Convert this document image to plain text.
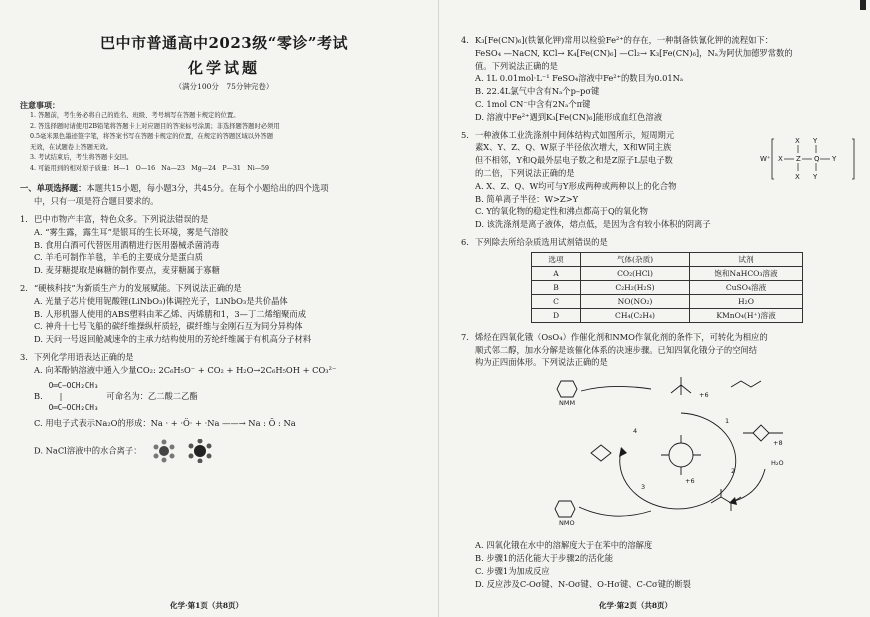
巴中市普通高中2023级“零诊”考试
化学试题
（满分100分　75分钟完卷）
注意事项：
1. 答题前，考生务必将自己的姓名、班级、考号填写在答题卡规定的位置。
2. 答选择题时请使用2B铅笔将答题卡上对应题目的答案标号涂黑；非选择题答题时必须用
0.5毫米黑色墨迹签字笔，将答案书写在答题卡规定的位置，在规定的答题区域以外答题
无效，在试题卷上答题无效。
3. 考试结束后，考生将答题卡交回。
4. 可能用到的相对原子质量：H—1　O—16　Na—23　Mg—24　P—31　Ni—59
一、单项选择题：本题共15小题，每小题3分，共45分。在每个小题给出的四个选项
中，只有一项是符合题目要求的。
1. 巴中市物产丰富，特色众多。下列说法错误的是
A. “雾生露，露生耳”是银耳的生长环境，雾是气溶胶
B. 食用白酒可代替医用酒精进行医用器械杀菌消毒
C. 羊毛可制作羊毯，羊毛的主要成分是蛋白质
D. 麦芽糖提取是麻糖的制作要点，麦芽糖属于寡糖
2. “硬核科技”为新质生产力的发展赋能。下列说法正确的是
A. 光量子芯片使用铌酸锂(LiNbO₃)体调控光子，LiNbO₃是共价晶体
B. 人形机器人使用的ABS塑料由苯乙烯、丙烯腈和1，3—丁二烯缩聚而成
C. 神舟十七号飞船的碳纤维操纵杆质轻，碳纤维与金刚石互为同分异构体
D. 天问一号返回舱减速伞的主承力结构使用的芳纶纤维属于有机高分子材料
3. 下列化学用语表达正确的是
A. 向苯酚钠溶液中通入少量CO₂: 2C₆H₅O⁻ + CO₂ + H₂O→2C₆H₅OH + CO₃²⁻
B.
O═C—OCH₂CH₃
|
O═C—OCH₂CH₃
可命名为：乙二酸二乙酯
C. 用电子式表示Na₂O的形成：Na · + ·Ö· + ·Na ——→ Na : Ö : Na
D. NaCl溶液中的水合离子：
化学·第1页（共8页）
4. K₃[Fe(CN)₆](铁氰化钾)常用以检验Fe²⁺的存在，一种制备铁氰化钾的流程如下：
FeSO₄ —NaCN, KCl→ K₄[Fe(CN)₆] —Cl₂→ K₃[Fe(CN)₆]，Nₐ为阿伏加德罗常数的
值。下列说法正确的是
A. 1L 0.01mol·L⁻¹ FeSO₄溶液中Fe²⁺的数目为0.01Nₐ
B. 22.4L氯气中含有Nₐ个p–pσ键
C. 1mol CN⁻中含有2Nₐ个π键
D. 溶液中Fe²⁺遇到K₃[Fe(CN)₆]能形成血红色溶液
5. 一种液体工业洗涤剂中间体结构式如图所示，短周期元
素X、Y、Z、Q、W原子半径依次增大，X和W同主族
但不相邻，Y和Q最外层电子数之和是Z原子L层电子数
的二倍，下列说法正确的是
W⁺ X Z Q Y
X
X
Y
Y
A. X、Z、Q、W均可与Y形成两种或两种以上的化合物
B. 简单离子半径：W>Z>Y
C. Y的氧化物的稳定性和沸点都高于Q的氧化物
D. 该洗涤剂是离子液体，熔点低，是因为含有较小体积的阴离子
6. 下列除去所给杂质选用试剂错误的是
选项	气体(杂质)	试剂
A	CO₂(HCl)	饱和NaHCO₃溶液
B	C₂H₂(H₂S)	CuSO₄溶液
C	NO(NO₂)	H₂O
D	CH₄(C₂H₄)	KMnO₄(H⁺)溶液
7. 烯烃在四氧化锇（OsO₄）作催化剂和NMO作氧化剂的条件下，可转化为相应的
顺式邻二醇，加水分解是该催化体系的决速步骤。已知四氧化锇分子的空间结
构为正四面体形。下列说法正确的是
NMM
NMO
1
2
3
4
H₂O
+6
+8
+6
A. 四氧化锇在水中的溶解度大于在苯中的溶解度
B. 步骤1的活化能大于步骤2的活化能
C. 步骤1为加成反应
D. 反应涉及C-Oσ键、N-Oσ键、O-Hσ键、C-Cσ键的断裂
化学·第2页（共8页）
